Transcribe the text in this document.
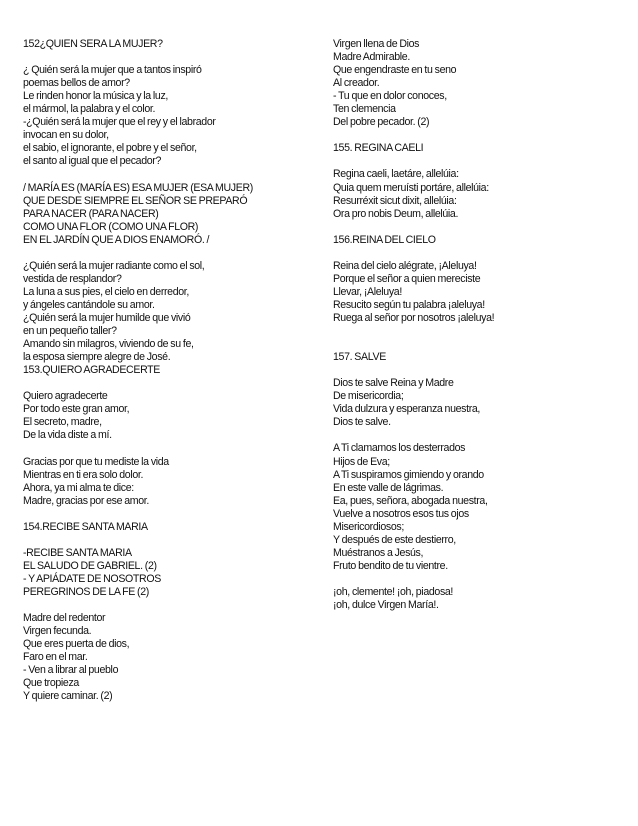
152¿QUIEN SERA LA MUJER?
¿ Quién será la mujer que a tantos inspiró
poemas bellos de amor?
Le rinden honor la música y la luz,
el mármol, la palabra y el color.
-¿Quién será la mujer que el rey y el labrador
invocan en su dolor,
el sabio, el ignorante, el pobre y el señor,
el santo al igual que el pecador?
/ MARÍA ES (MARÍA ES) ESA MUJER (ESA MUJER)
QUE DESDE SIEMPRE EL SEÑOR SE PREPARÓ
PARA NACER (PARA NACER)
COMO UNA FLOR (COMO UNA FLOR)
EN EL JARDÍN QUE A DIOS ENAMORÓ. /
¿Quién será la mujer radiante como el sol,
vestida de resplandor?
La luna a sus pies, el cielo en derredor,
y ángeles cantándole su amor.
¿Quién será la mujer humilde que vivió
en un pequeño taller?
Amando sin milagros, viviendo de su fe,
la esposa siempre alegre de José.
153.QUIERO AGRADECERTE
Quiero agradecerte
Por todo este gran amor,
El secreto, madre,
De la vida diste a mí.
Gracias por que tu mediste la vida
Mientras en ti era solo dolor.
Ahora, ya mi alma te dice:
Madre, gracias por ese amor.
154.RECIBE SANTA MARIA
-RECIBE SANTA MARIA
EL SALUDO DE GABRIEL. (2)
- Y APIÁDATE DE NOSOTROS
PEREGRINOS DE LA FE (2)
Madre del redentor
Virgen fecunda.
Que eres puerta de dios,
Faro en el mar.
- Ven a librar al pueblo
Que tropieza
Y quiere caminar. (2)
Virgen llena de Dios
Madre Admirable.
Que engendraste en tu seno
Al creador.
- Tu que en dolor conoces,
Ten clemencia
Del pobre pecador. (2)
155. REGINA CAELI
Regina caeli, laetáre, allelúia:
Quia quem meruísti portáre, allelúia:
Resurréxit sicut dixit, allelúia:
Ora pro nobis Deum, allelúia.
156.REINA DEL CIELO
Reina del cielo alégrate, ¡Aleluya!
Porque el señor a quien mereciste
Llevar, ¡Aleluya!
Resucito según tu palabra ¡aleluya!
Ruega al señor por nosotros ¡aleluya!
157. SALVE
Dios te salve Reina y Madre
De misericordia;
Vida dulzura y esperanza nuestra,
Dios te salve.
A Ti clamamos los desterrados
Hijos de Eva;
A Ti suspiramos gimiendo y orando
En este valle de lágrimas.
Ea, pues, señora, abogada nuestra,
Vuelve a nosotros esos tus ojos
Misericordiosos;
Y después de este destierro,
Muéstranos a Jesús,
Fruto bendito de tu vientre.
¡oh, clemente! ¡oh, piadosa!
¡oh, dulce Virgen María!.
